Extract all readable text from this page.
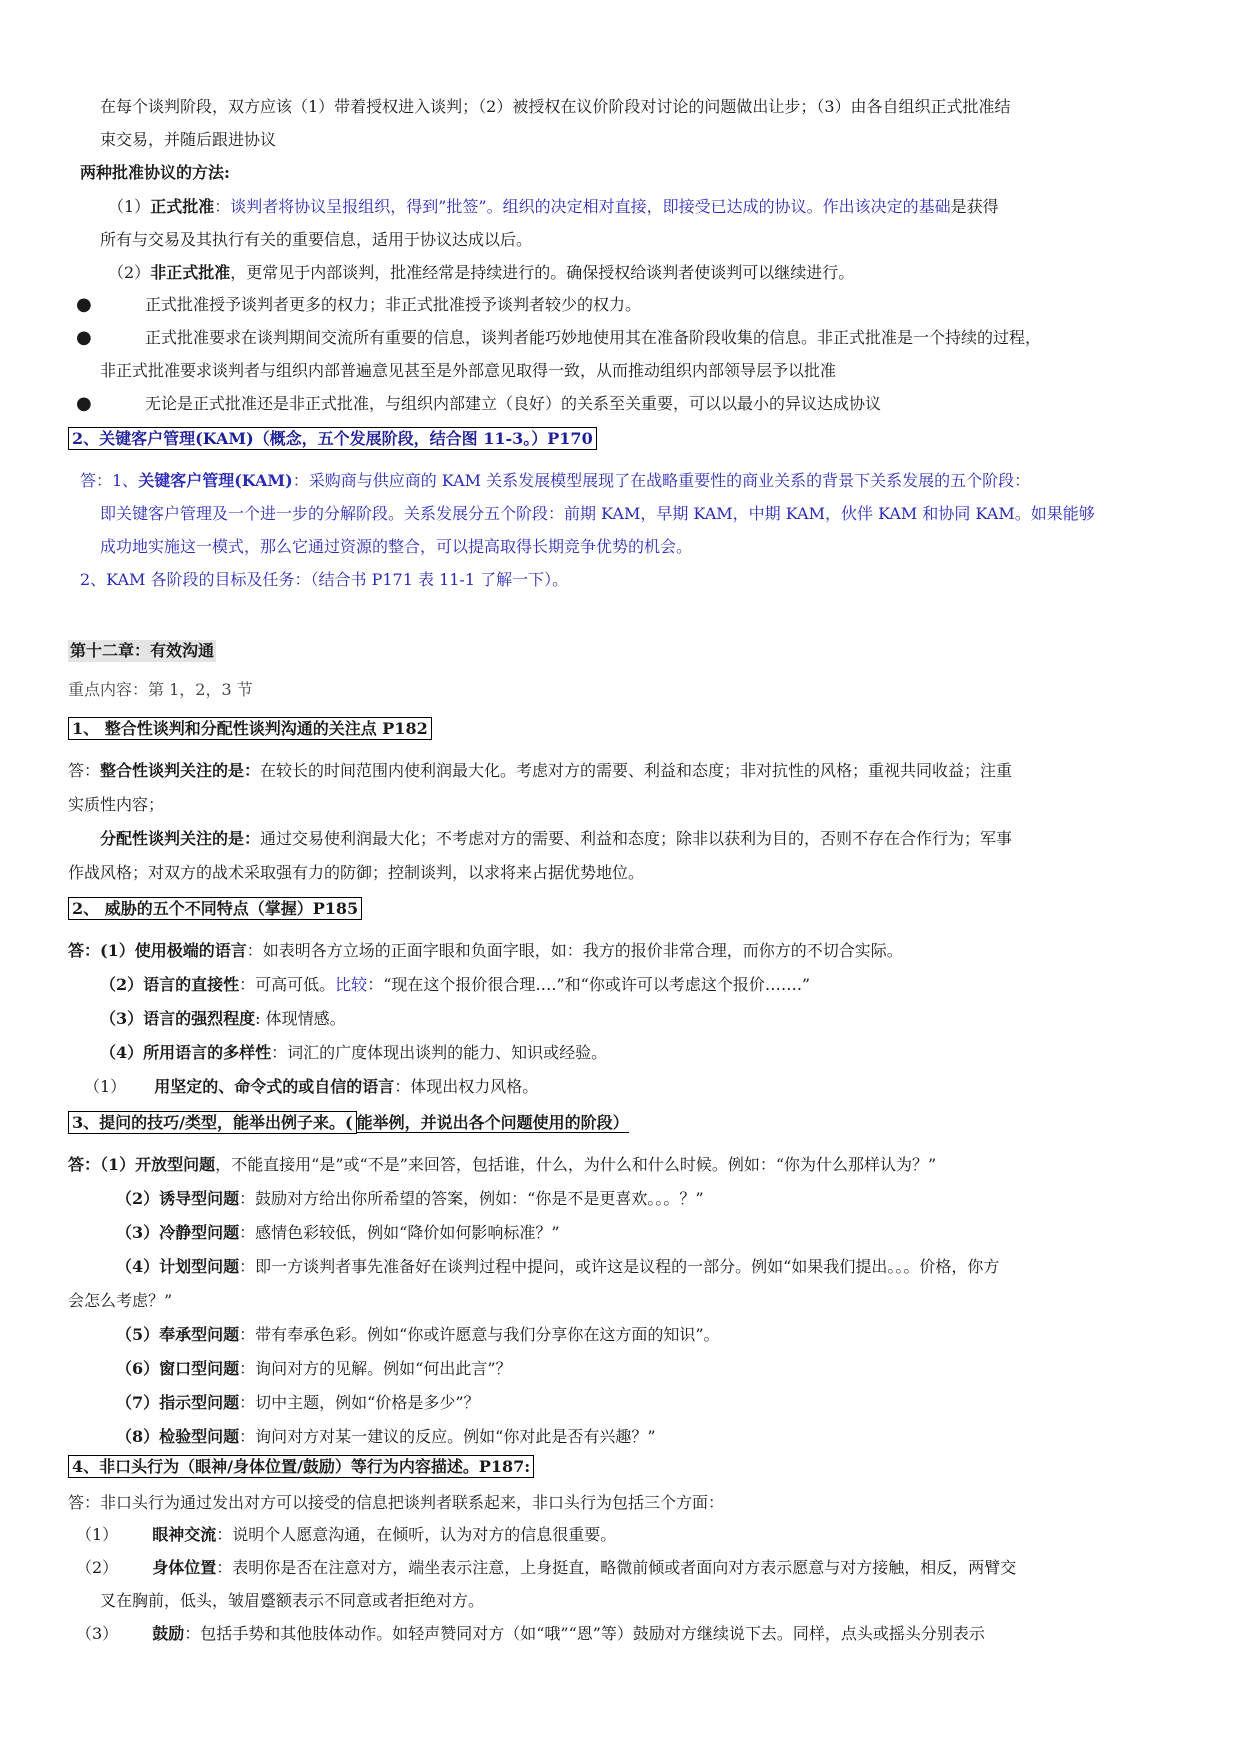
在每个谈判阶段，双方应该（1）带着授权进入谈判；（2）被授权在议价阶段对讨论的问题做出让步；（3）由各自组织正式批准结
束交易，并随后跟进协议
两种批准协议的方法:
（1）正式批准：谈判者将协议呈报组织，得到”批签”。组织的决定相对直接，即接受已达成的协议。作出该决定的基础是获得
所有与交易及其执行有关的重要信息，适用于协议达成以后。
（2）非正式批准，更常见于内部谈判，批准经常是持续进行的。确保授权给谈判者使谈判可以继续进行。
●	正式批准授予谈判者更多的权力；非正式批准授予谈判者较少的权力。
●	正式批准要求在谈判期间交流所有重要的信息，谈判者能巧妙地使用其在准备阶段收集的信息。非正式批准是一个持续的过程，
非正式批准要求谈判者与组织内部普遍意见甚至是外部意见取得一致，从而推动组织内部领导层予以批准
●	无论是正式批准还是非正式批准，与组织内部建立（良好）的关系至关重要，可以以最小的异议达成协议
2、关键客户管理(KAM)（概念，五个发展阶段，结合图 11-3。）P170
答：1、关键客户管理(KAM)：采购商与供应商的 KAM 关系发展模型展现了在战略重要性的商业关系的背景下关系发展的五个阶段：
即关键客户管理及一个进一步的分解阶段。关系发展分五个阶段：前期 KAM，早期 KAM，中期 KAM，伙伴 KAM 和协同 KAM。如果能够
成功地实施这一模式，那么它通过资源的整合，可以提高取得长期竞争优势的机会。
2、KAM 各阶段的目标及任务：（结合书 P171 表 11-1 了解一下）。
第十二章：有效沟通
重点内容：第 1，2，3 节
1、 整合性谈判和分配性谈判沟通的关注点 P182
答：整合性谈判关注的是：在较长的时间范围内使利润最大化。考虑对方的需要、利益和态度；非对抗性的风格；重视共同收益；注重
实质性内容；
分配性谈判关注的是：通过交易使利润最大化；不考虑对方的需要、利益和态度；除非以获利为目的，否则不存在合作行为；军事
作战风格；对双方的战术采取强有力的防御；控制谈判，以求将来占据优势地位。
2、 威胁的五个不同特点（掌握）P185
答：(1）使用极端的语言：如表明各方立场的正面字眼和负面字眼，如：我方的报价非常合理，而你方的不切合实际。
（2）语言的直接性：可高可低。比较：“现在这个报价很合理….”和“你或许可以考虑这个报价…….”
（3）语言的强烈程度: 体现情感。
（4）所用语言的多样性：词汇的广度体现出谈判的能力、知识或经验。
（1） 用坚定的、命令式的或自信的语言：体现出权力风格。
3、提问的技巧/类型，能举出例子来。( 能举例，并说出各个问题使用的阶段）
答：（1）开放型问题，不能直接用“是”或“不是”来回答，包括谁，什么，为什么和什么时候。例如：“你为什么那样认为？”
（2）诱导型问题：鼓励对方给出你所希望的答案，例如：“你是不是更喜欢。。。？”
（3）冷静型问题：感情色彩较低，例如“降价如何影响标准？”
（4）计划型问题：即一方谈判者事先准备好在谈判过程中提问，或许这是议程的一部分。例如“如果我们提出。。。价格，你方
会怎么考虑？”
（5）奉承型问题：带有奉承色彩。例如“你或许愿意与我们分享你在这方面的知识”。
（6）窗口型问题：询问对方的见解。例如“何出此言”？
（7）指示型问题：切中主题，例如“价格是多少”？
（8）检验型问题：询问对方对某一建议的反应。例如“你对此是否有兴趣？”
4、非口头行为（眼神/身体位置/鼓励）等行为内容描述。P187:
答：非口头行为通过发出对方可以接受的信息把谈判者联系起来，非口头行为包括三个方面：
（1） 眼神交流：说明个人愿意沟通，在倾听，认为对方的信息很重要。
（2） 身体位置：表明你是否在注意对方，端坐表示注意，上身挺直，略微前倾或者面向对方表示愿意与对方接触，相反，两臂交
叉在胸前，低头，皱眉蹙额表示不同意或者拒绝对方。
（3） 鼓励：包括手势和其他肢体动作。如轻声赞同对方（如“哦”“恩”等）鼓励对方继续说下去。同样，点头或摇头分别表示
